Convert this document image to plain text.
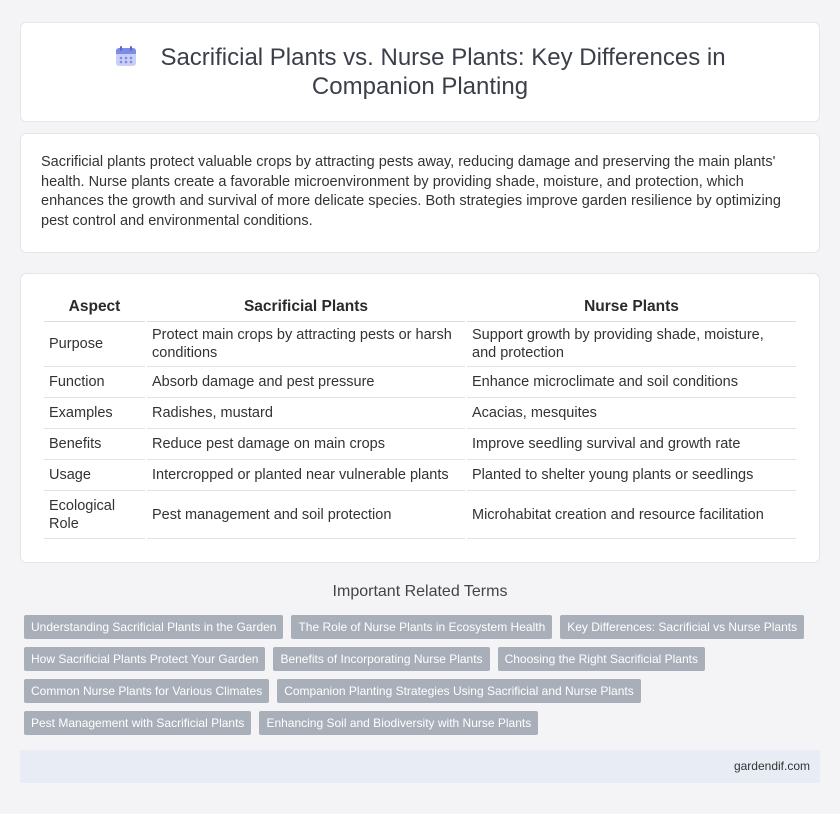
Sacrificial Plants vs. Nurse Plants: Key Differences in Companion Planting

Sacrificial plants protect valuable crops by attracting pests away, reducing damage and preserving the main plants' health. Nurse plants create a favorable microenvironment by providing shade, moisture, and protection, which enhances the growth and survival of more delicate species. Both strategies improve garden resilience by optimizing pest control and environmental conditions.

Aspect	Sacrificial Plants	Nurse Plants
Purpose	Protect main crops by attracting pests or harsh conditions	Support growth by providing shade, moisture, and protection
Function	Absorb damage and pest pressure	Enhance microclimate and soil conditions
Examples	Radishes, mustard	Acacias, mesquites
Benefits	Reduce pest damage on main crops	Improve seedling survival and growth rate
Usage	Intercropped or planted near vulnerable plants	Planted to shelter young plants or seedlings
Ecological Role	Pest management and soil protection	Microhabitat creation and resource facilitation
Important Related Terms
Understanding Sacrificial Plants in the Garden	The Role of Nurse Plants in Ecosystem Health	Key Differences: Sacrificial vs Nurse Plants
How Sacrificial Plants Protect Your Garden	Benefits of Incorporating Nurse Plants	Choosing the Right Sacrificial Plants
Common Nurse Plants for Various Climates	Companion Planting Strategies Using Sacrificial and Nurse Plants
Pest Management with Sacrificial Plants	Enhancing Soil and Biodiversity with Nurse Plants
gardendif.com
